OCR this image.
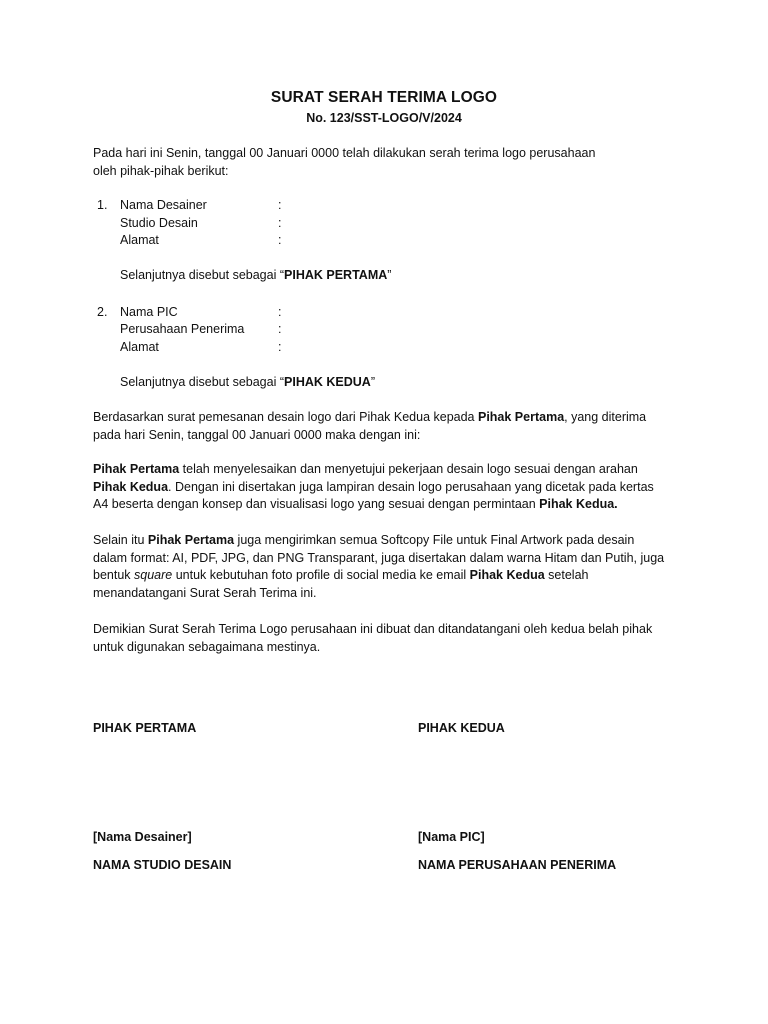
SURAT SERAH TERIMA LOGO
No. 123/SST-LOGO/V/2024
Pada hari ini Senin, tanggal 00 Januari 0000 telah dilakukan serah terima logo perusahaan
oleh pihak-pihak berikut:
1. Nama Desainer	:
Studio Desain	:
Alamat	:
Selanjutnya disebut sebagai “PIHAK PERTAMA”
2. Nama PIC	:
Perusahaan Penerima	:
Alamat	:
Selanjutnya disebut sebagai “PIHAK KEDUA”
Berdasarkan surat pemesanan desain logo dari Pihak Kedua kepada Pihak Pertama, yang diterima
pada hari Senin, tanggal 00 Januari 0000 maka dengan ini:
Pihak Pertama telah menyelesaikan dan menyetujui pekerjaan desain logo sesuai dengan arahan
Pihak Kedua. Dengan ini disertakan juga lampiran desain logo perusahaan yang dicetak pada kertas
A4 beserta dengan konsep dan visualisasi logo yang sesuai dengan permintaan Pihak Kedua.
Selain itu Pihak Pertama juga mengirimkan semua Softcopy File untuk Final Artwork pada desain
dalam format: AI, PDF, JPG, dan PNG Transparant, juga disertakan dalam warna Hitam dan Putih, juga
bentuk square untuk kebutuhan foto profile di social media ke email Pihak Kedua setelah
menandatangani Surat Serah Terima ini.
Demikian Surat Serah Terima Logo perusahaan ini dibuat dan ditandatangani oleh kedua belah pihak
untuk digunakan sebagaimana mestinya.
PIHAK PERTAMA
[Nama Desainer]
NAMA STUDIO DESAIN
PIHAK KEDUA
[Nama PIC]
NAMA PERUSAHAAN PENERIMA
